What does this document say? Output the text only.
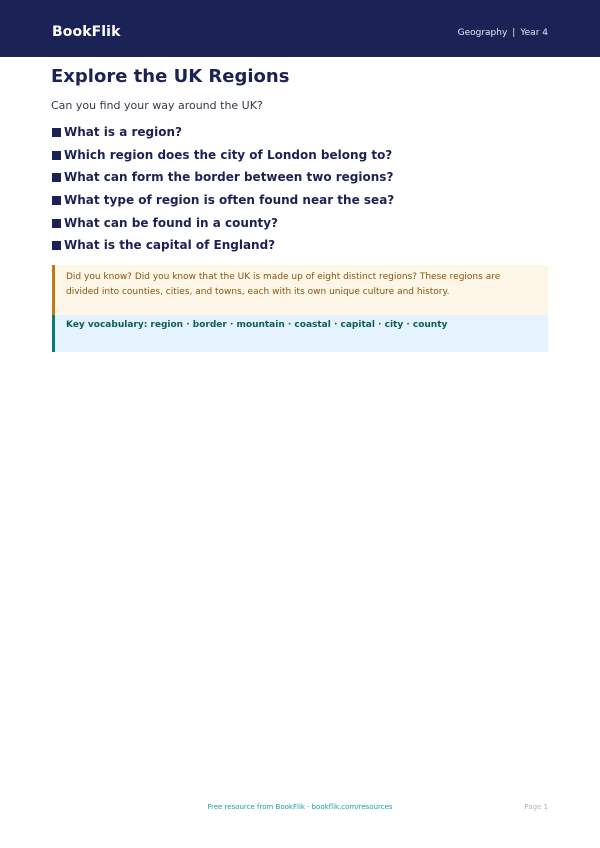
BookFlik	Geography | Year 4
Explore the UK Regions

Can you find your way around the UK?

What is a region?
Which region does the city of London belong to?
What can form the border between two regions?
What type of region is often found near the sea?
What can be found in a county?
What is the capital of England?
Did you know? Did you know that the UK is made up of eight distinct regions? These regions are divided into counties, cities, and towns, each with its own unique culture and history.
Key vocabulary: region · border · mountain · coastal · capital · city · county
Free resource from BookFlik · bookflik.com/resources	Page 1
